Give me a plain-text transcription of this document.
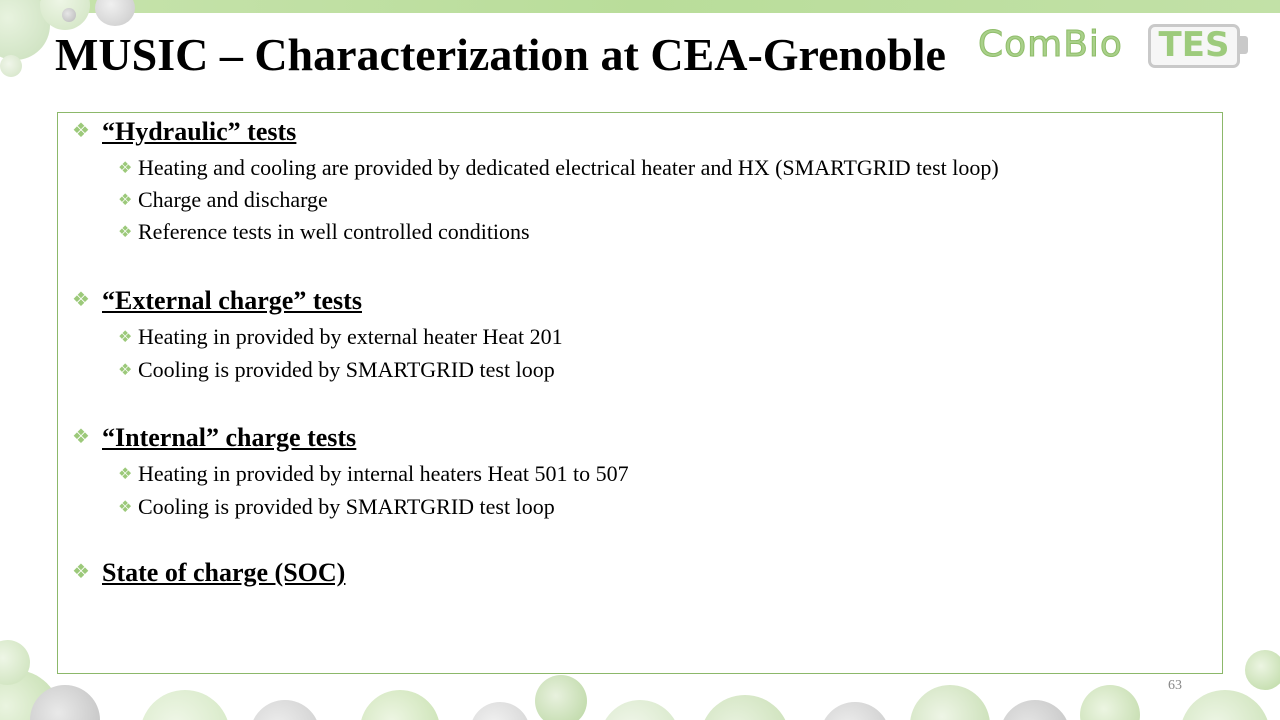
ComBio TES
MUSIC – Characterization at CEA-Grenoble
❖ “Hydraulic” tests
❖ Heating and cooling are provided by dedicated electrical heater and HX (SMARTGRID test loop)
❖ Charge and discharge
❖ Reference tests in well controlled conditions
❖ “External charge” tests
❖ Heating in provided by external heater Heat 201
❖ Cooling is provided by SMARTGRID test loop
❖ “Internal” charge tests
❖ Heating in provided by internal heaters Heat 501 to 507
❖ Cooling is provided by SMARTGRID test loop
❖ State of charge (SOC)
63
